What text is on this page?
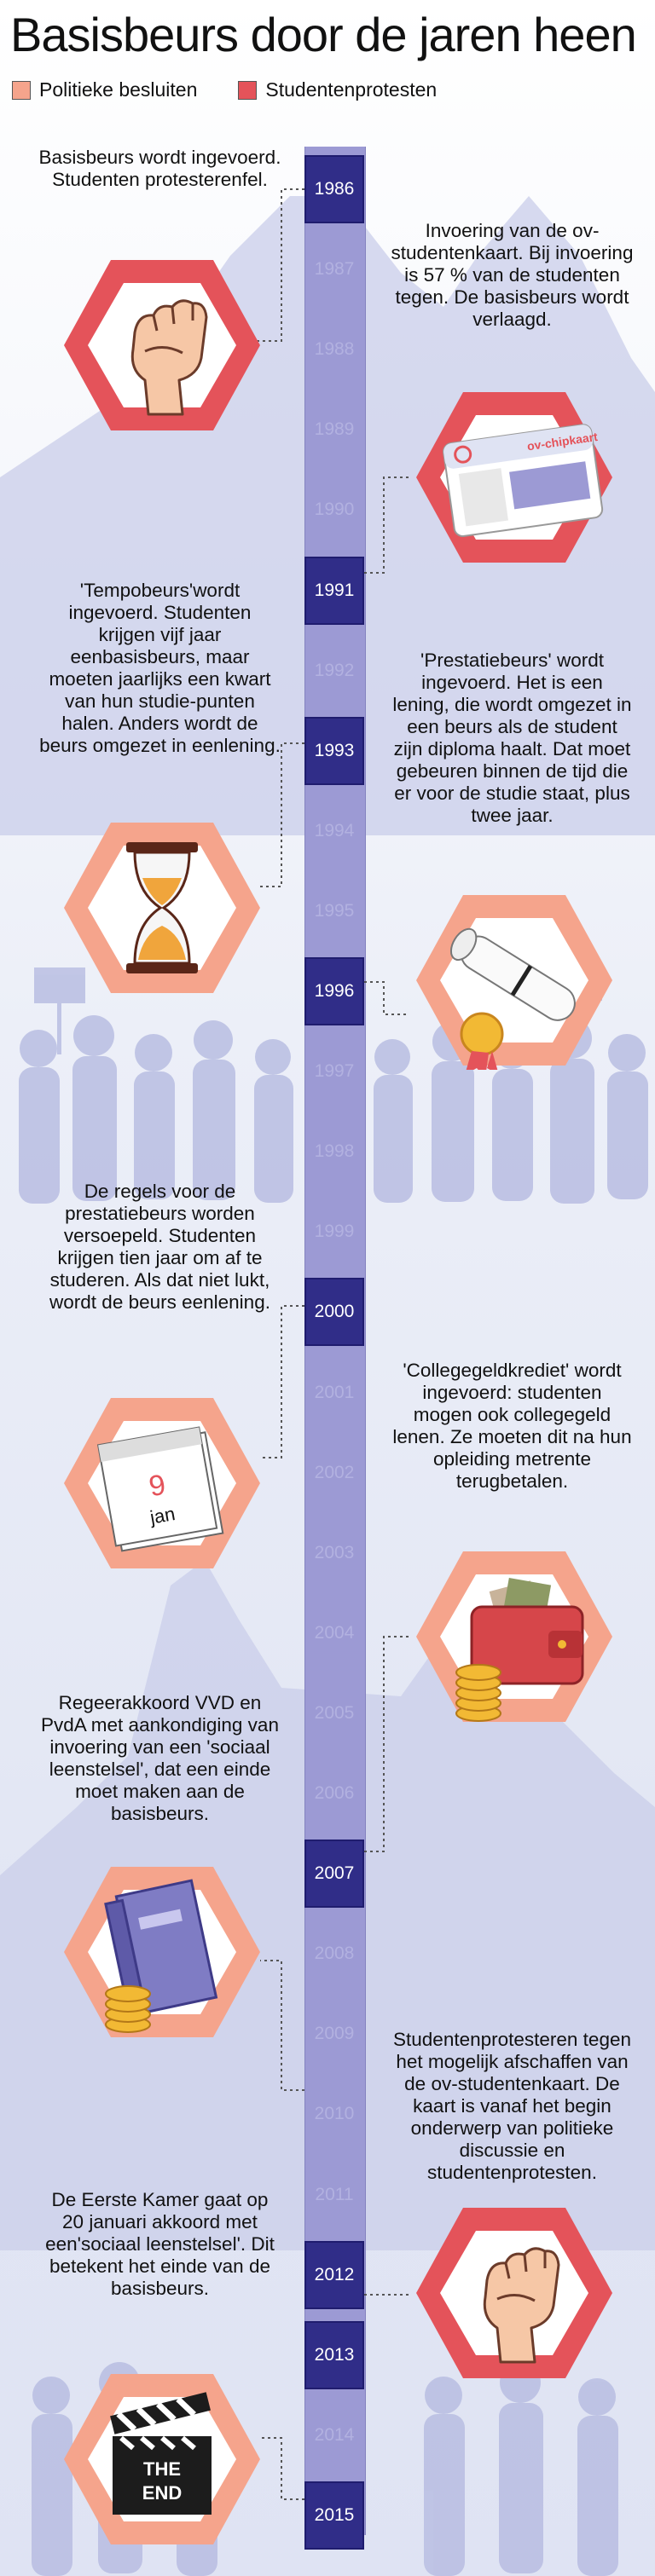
Basisbeurs door de jaren heen
Politieke besluiten	Studentenprotesten
1986
1987
1988
1989
1990
1991
1992
1993
1994
1995
1996
1997
1998
1999
2000
2001
2002
2003
2004
2005
2006
2007
2008
2009
2010
2011
2012
2013
2014
2015

Basisbeurs wordt ingevoerd. Studenten protesterenfel.

Invoering van de ov-studentenkaart. Bij invoering is 57 % van de studenten tegen. De basisbeurs wordt verlaagd.

'Tempobeurs'wordt ingevoerd. Studenten krijgen vijf jaar eenbasisbeurs, maar moeten jaarlijks een kwart van hun studie-punten halen. Anders wordt de beurs omgezet in eenlening.

'Prestatiebeurs' wordt ingevoerd. Het is een lening, die wordt omgezet in een beurs als de student zijn diploma haalt. Dat moet gebeuren binnen de tijd die er voor de studie staat, plus twee jaar.

De regels voor de prestatiebeurs worden versoepeld. Studenten krijgen tien jaar om af te studeren. Als dat niet lukt, wordt de beurs eenlening.

'Collegegeldkrediet' wordt ingevoerd: studenten mogen ook collegegeld lenen. Ze moeten dit na hun opleiding metrente terugbetalen.

Regeerakkoord VVD en PvdA met aankondiging van invoering van een 'sociaal leenstelsel', dat een einde moet maken aan de basisbeurs.

Studentenprotesteren tegen het mogelijk afschaffen van de ov-studentenkaart. De kaart is vanaf het begin onderwerp van politieke discussie en studentenprotesten.

De Eerste Kamer gaat op 20 januari akkoord met een'sociaal leenstelsel'. Dit betekent het einde van de basisbeurs.

ov-chipkaart
9
jan
THE
END
